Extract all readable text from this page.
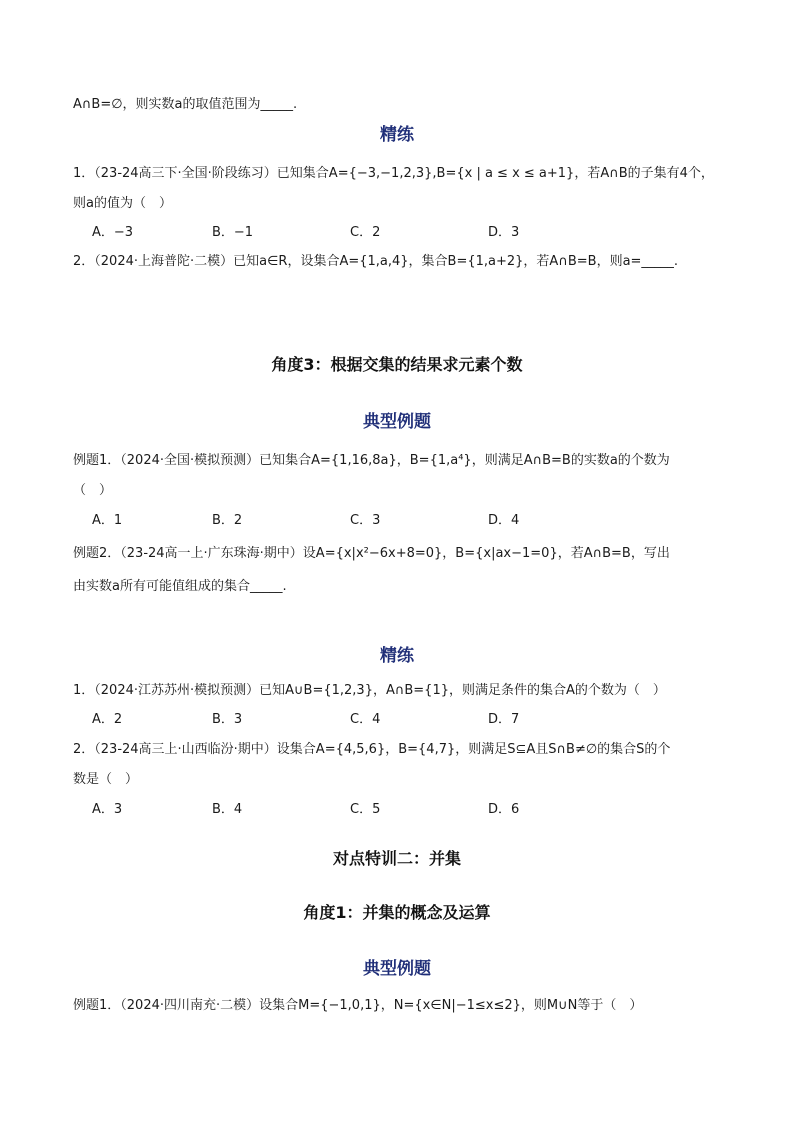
A∩B=∅，则实数a的取值范围为_____.
精练
1．（23-24高三下·全国·阶段练习）已知集合A={−3,−1,2,3},B={x | a ≤ x ≤ a+1}，若A∩B的子集有4个，
则a的值为（　）
A．−3	B．−1	C．2	D．3
2．（2024·上海普陀·二模）已知a∈R，设集合A={1,a,4}，集合B={1,a+2}，若A∩B=B，则a=_____.
角度3：根据交集的结果求元素个数
典型例题
例题1．（2024·全国·模拟预测）已知集合A={1,16,8a}，B={1,a⁴}，则满足A∩B=B的实数a的个数为
（　）
A．1	B．2	C．3	D．4
例题2．（23-24高一上·广东珠海·期中）设A={x|x²−6x+8=0}，B={x|ax−1=0}，若A∩B=B，写出
由实数a所有可能值组成的集合_____.
精练
1．（2024·江苏苏州·模拟预测）已知A∪B={1,2,3}，A∩B={1}，则满足条件的集合A的个数为（　）
A．2	B．3	C．4	D．7
2．（23-24高三上·山西临汾·期中）设集合A={4,5,6}，B={4,7}，则满足S⊆A且S∩B≠∅的集合S的个
数是（　）
A．3	B．4	C．5	D．6
对点特训二：并集
角度1：并集的概念及运算
典型例题
例题1．（2024·四川南充·二模）设集合M={−1,0,1}，N={x∈N|−1≤x≤2}，则M∪N等于（　）
